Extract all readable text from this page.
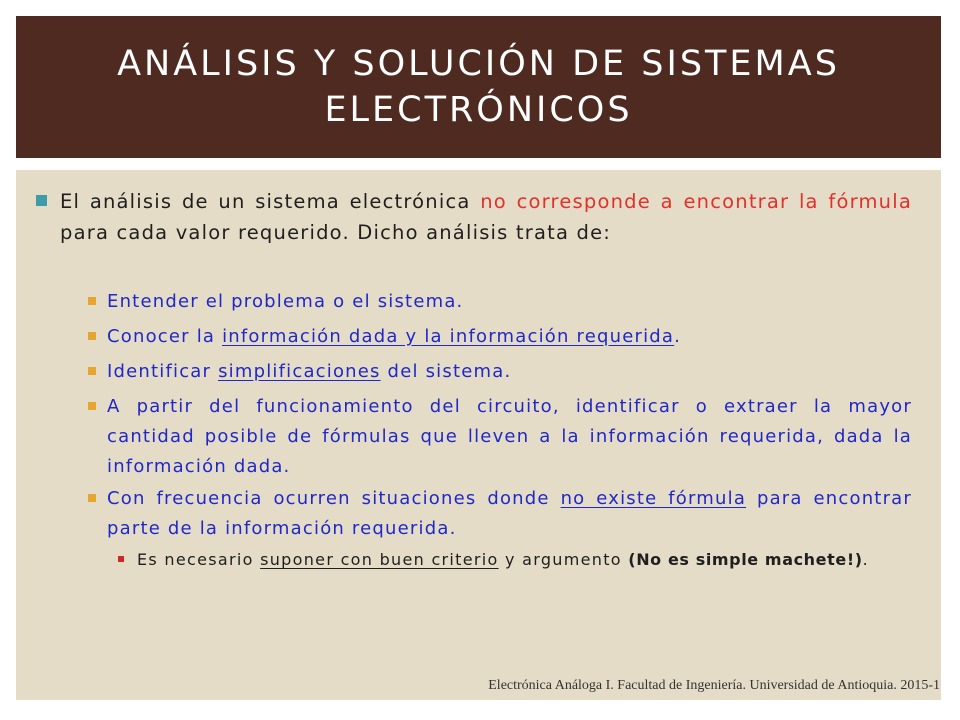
ANÁLISIS Y SOLUCIÓN DE SISTEMAS
ELECTRÓNICOS
El análisis de un sistema electrónica no corresponde a encontrar la fórmula para cada valor requerido. Dicho análisis trata de:
Entender el problema o el sistema.
Conocer la información dada y la información requerida.
Identificar simplificaciones del sistema.
A partir del funcionamiento del circuito, identificar o extraer la mayor cantidad posible de fórmulas que lleven a la información requerida, dada la información dada.
Con frecuencia ocurren situaciones donde no existe fórmula para encontrar parte de la información requerida.
Es necesario suponer con buen criterio y argumento (No es simple machete!).
Electrónica Análoga I. Facultad de Ingeniería. Universidad de Antioquia. 2015-1
